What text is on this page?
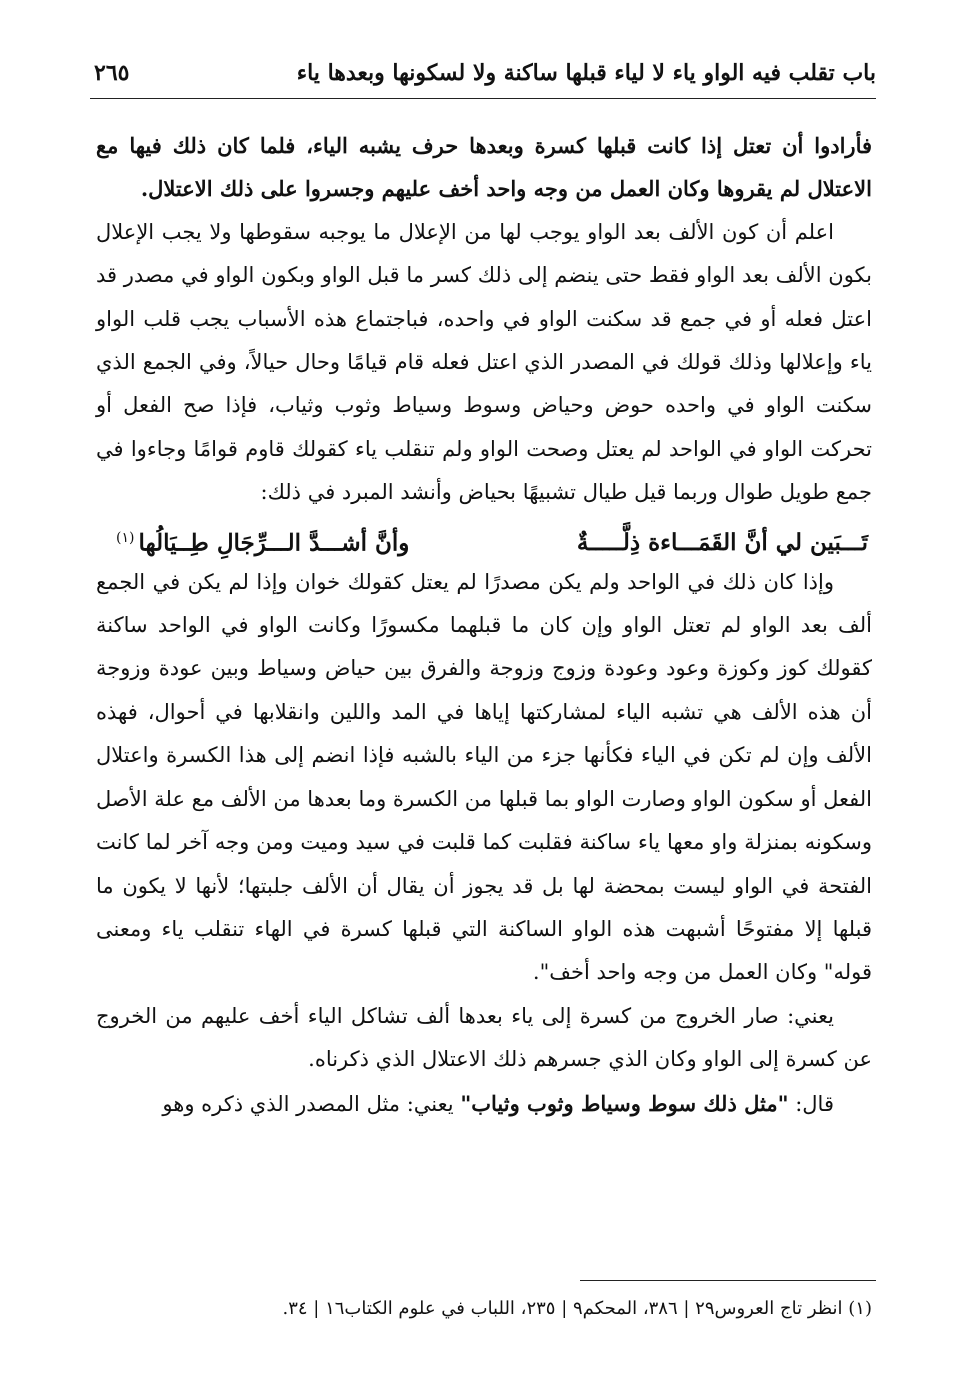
باب تقلب فيه الواو ياء لا لياء قبلها ساكنة ولا لسكونها وبعدها ياء
٢٦٥

فأرادوا أن تعتل إذا كانت قبلها كسرة وبعدها حرف يشبه الياء، فلما كان ذلك فيها مع الاعتلال لم يقروها وكان العمل من وجه واحد أخف عليهم وجسروا على ذلك الاعتلال.

اعلم أن كون الألف بعد الواو يوجب لها من الإعلال ما يوجبه سقوطها ولا يجب الإعلال بكون الألف بعد الواو فقط حتى ينضم إلى ذلك كسر ما قبل الواو وبكون الواو في مصدر قد اعتل فعله أو في جمع قد سكنت الواو في واحده، فباجتماع هذه الأسباب يجب قلب الواو ياء وإعلالها وذلك قولك في المصدر الذي اعتل فعله قام قيامًا وحال حيالاً، وفي الجمع الذي سكنت الواو في واحده حوض وحياض وسوط وسياط وثوب وثياب، فإذا صح الفعل أو تحركت الواو في الواحد لم يعتل وصحت الواو ولم تنقلب ياء كقولك قاوم قوامًا وجاءوا في جمع طويل طوال وربما قيل طيال تشبيهًا بحياض وأنشد المبرد في ذلك:

تَـــبَين لي أنَّ القَمَـــاءة ذِلَّـــــةٌ
وأنَّ أشـــدَّ الـــرِّجَالِ طِــيَالُها$^{(١)}$

وإذا كان ذلك في الواحد ولم يكن مصدرًا لم يعتل كقولك خوان وإذا لم يكن في الجمع ألف بعد الواو لم تعتل الواو وإن كان ما قبلهما مكسورًا وكانت الواو في الواحد ساكنة كقولك كوز وكوزة وعود وعودة وزوج وزوجة والفرق بين حياض وسياط وبين عودة وزوجة أن هذه الألف هي تشبه الياء لمشاركتها إياها في المد واللين وانقلابها في أحوال، فهذه الألف وإن لم تكن في الياء فكأنها جزء من الياء بالشبه فإذا انضم إلى هذا الكسرة واعتلال الفعل أو سكون الواو وصارت الواو بما قبلها من الكسرة وما بعدها من الألف مع علة الأصل وسكونه بمنزلة واو معها ياء ساكنة فقلبت كما قلبت في سيد وميت ومن وجه آخر لما كانت الفتحة في الواو ليست بمحضة لها بل قد يجوز أن يقال أن الألف جلبتها؛ لأنها لا يكون ما قبلها إلا مفتوحًا أشبهت هذه الواو الساكنة التي قبلها كسرة في الهاء تنقلب ياء ومعنى قوله" وكان العمل من وجه واحد أخف".

يعني: صار الخروج من كسرة إلى ياء بعدها ألف تشاكل الياء أخف عليهم من الخروج عن كسرة إلى الواو وكان الذي جسرهم ذلك الاعتلال الذي ذكرناه.

قال: "مثل ذلك سوط وسياط وثوب وثياب" يعني: مثل المصدر الذي ذكره وهو

(١) انظر تاج العروس٢٩ | ٣٨٦، المحكم٩ | ٢٣٥، اللباب في علوم الكتاب١٦ | ٣٤.
